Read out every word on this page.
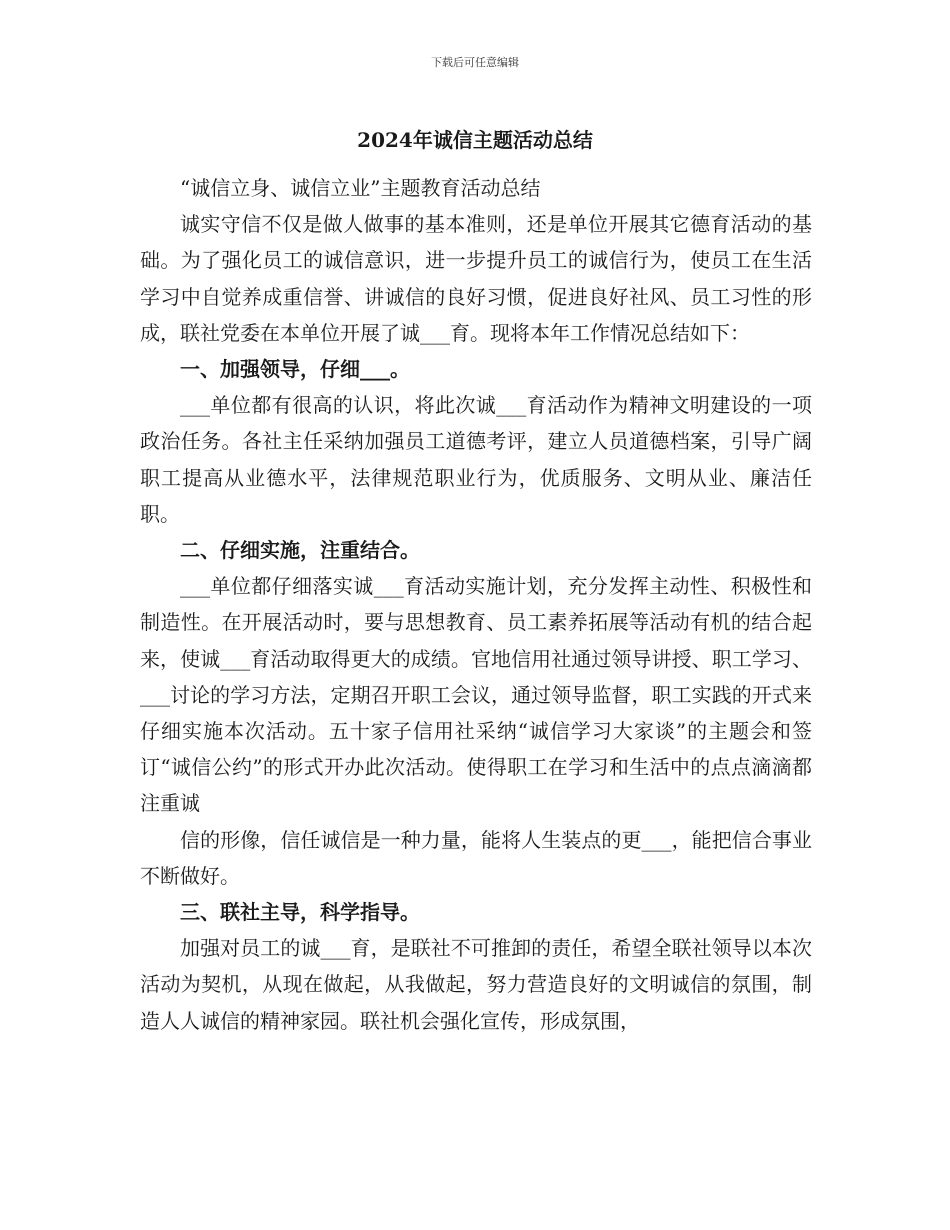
下载后可任意编辑
2024年诚信主题活动总结

“诚信立身、诚信立业”主题教育活动总结

诚实守信不仅是做人做事的基本准则，还是单位开展其它德育活动的基础。为了强化员工的诚信意识，进一步提升员工的诚信行为，使员工在生活学习中自觉养成重信誉、讲诚信的良好习惯，促进良好社风、员工习性的形成，联社党委在本单位开展了诚___育。现将本年工作情况总结如下：

一、加强领导，仔细___。

___单位都有很高的认识，将此次诚___育活动作为精神文明建设的一项政治任务。各社主任采纳加强员工道德考评，建立人员道德档案，引导广阔职工提高从业德水平，法律规范职业行为，优质服务、文明从业、廉洁任职。

二、仔细实施，注重结合。

___单位都仔细落实诚___育活动实施计划，充分发挥主动性、积极性和制造性。在开展活动时，要与思想教育、员工素养拓展等活动有机的结合起来，使诚___育活动取得更大的成绩。官地信用社通过领导讲授、职工学习、___讨论的学习方法，定期召开职工会议，通过领导监督，职工实践的开式来仔细实施本次活动。五十家子信用社采纳“诚信学习大家谈”的主题会和签订“诚信公约”的形式开办此次活动。使得职工在学习和生活中的点点滴滴都注重诚

信的形像，信任诚信是一种力量，能将人生装点的更___，能把信合事业不断做好。

三、联社主导，科学指导。

加强对员工的诚___育，是联社不可推卸的责任，希望全联社领导以本次活动为契机，从现在做起，从我做起，努力营造良好的文明诚信的氛围，制造人人诚信的精神家园。联社机会强化宣传，形成氛围，
